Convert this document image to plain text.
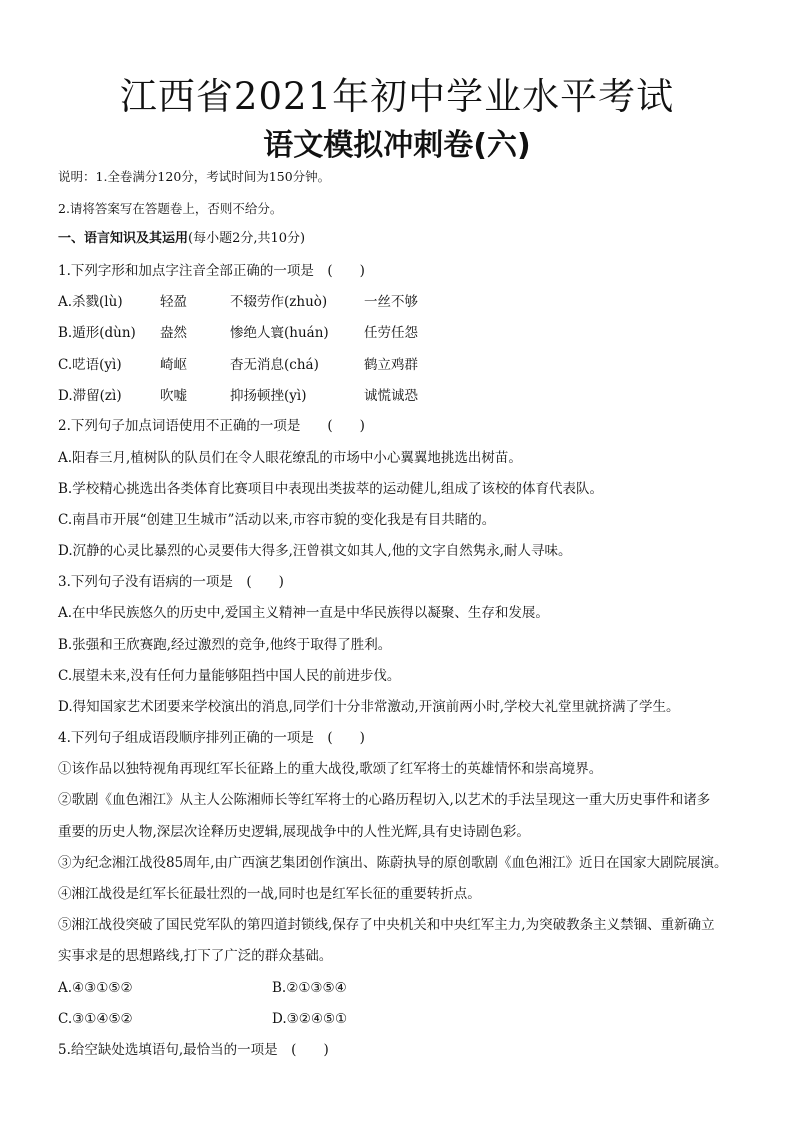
江西省2021年初中学业水平考试
语文模拟冲刺卷(六)
说明：1.全卷满分120分，考试时间为150分钟。
2.请将答案写在答题卷上，否则不给分。
一、语言知识及其运用(每小题2分,共10分)
1.下列字形和加点字注音全部正确的一项是　(　　)
A.杀戮(lù)	轻盈	不辍劳作(zhuò)	一丝不够
B.遁形(dùn) 盎然	惨绝人寰(huán)	任劳任怨
C.呓语(yì)	崎岖	杳无消息(chá)	鹤立鸡群
D.滞留(zì)	吹嘘	抑扬顿挫(yì)	诚慌诚恐
2.下列句子加点词语使用不正确的一项是　　(　　)
A.阳春三月,植树队的队员们在令人眼花缭乱的市场中小心翼翼地挑选出树苗。
B.学校精心挑选出各类体育比赛项目中表现出类拔萃的运动健儿,组成了该校的体育代表队。
C.南昌市开展“创建卫生城市”活动以来,市容市貌的变化我是有目共睹的。
D.沉静的心灵比暴烈的心灵要伟大得多,汪曾祺文如其人,他的文字自然隽永,耐人寻味。
3.下列句子没有语病的一项是　(　　)
A.在中华民族悠久的历史中,爱国主义精神一直是中华民族得以凝聚、生存和发展。
B.张强和王欣赛跑,经过激烈的竞争,他终于取得了胜利。
C.展望未来,没有任何力量能够阻挡中国人民的前进步伐。
D.得知国家艺术团要来学校演出的消息,同学们十分非常激动,开演前两小时,学校大礼堂里就挤满了学生。
4.下列句子组成语段顺序排列正确的一项是　(　　)
①该作品以独特视角再现红军长征路上的重大战役,歌颂了红军将士的英雄情怀和崇高境界。
②歌剧《血色湘江》从主人公陈湘师长等红军将士的心路历程切入,以艺术的手法呈现这一重大历史事件和诸多
重要的历史人物,深层次诠释历史逻辑,展现战争中的人性光辉,具有史诗剧色彩。
③为纪念湘江战役85周年,由广西演艺集团创作演出、陈蔚执导的原创歌剧《血色湘江》近日在国家大剧院展演。
④湘江战役是红军长征最壮烈的一战,同时也是红军长征的重要转折点。
⑤湘江战役突破了国民党军队的第四道封锁线,保存了中央机关和中央红军主力,为突破教条主义禁锢、重新确立
实事求是的思想路线,打下了广泛的群众基础。
A.④③①⑤②	B.②①③⑤④
C.③①④⑤②	D.③②④⑤①
5.给空缺处选填语句,最恰当的一项是　(　　)
